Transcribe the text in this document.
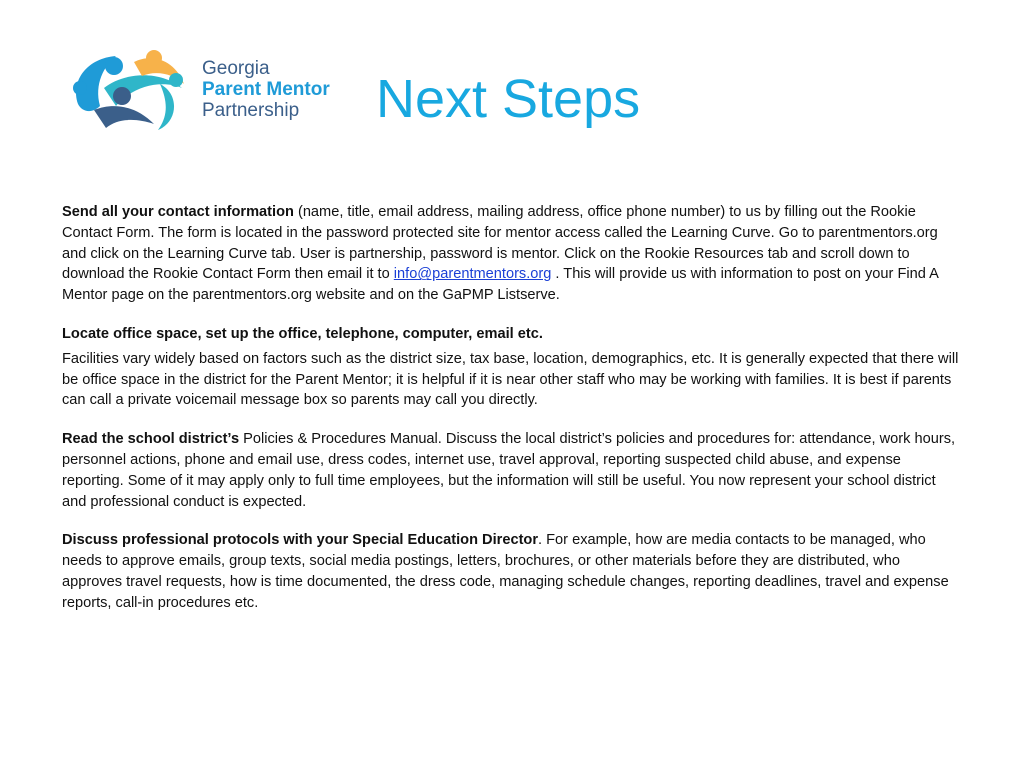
Georgia
Parent Mentor
Partnership	Next Steps

Send all your contact information (name, title, email address, mailing address, office phone number) to us by filling out the Rookie Contact Form. The form is located in the password protected site for mentor access called the Learning Curve. Go to parentmentors.org and click on the Learning Curve tab. User is partnership, password is mentor. Click on the Rookie Resources tab and scroll down to download the Rookie Contact Form then email it to info@parentmentors.org . This will provide us with information to post on your Find A Mentor page on the parentmentors.org website and on the GaPMP Listserve.

Locate office space, set up the office, telephone, computer, email etc.

Facilities vary widely based on factors such as the district size, tax base, location, demographics, etc. It is generally expected that there will be office space in the district for the Parent Mentor; it is helpful if it is near other staff who may be working with families. It is best if parents can call a private voicemail message box so parents may call you directly.

Read the school district’s Policies & Procedures Manual. Discuss the local district’s policies and procedures for: attendance, work hours, personnel actions, phone and email use, dress codes, internet use, travel approval, reporting suspected child abuse, and expense reporting. Some of it may apply only to full time employees, but the information will still be useful. You now represent your school district and professional conduct is expected.

Discuss professional protocols with your Special Education Director. For example, how are media contacts to be managed, who needs to approve emails, group texts, social media postings, letters, brochures, or other materials before they are distributed, who approves travel requests, how is time documented, the dress code, managing schedule changes, reporting deadlines, travel and expense reports, call-in procedures etc.
